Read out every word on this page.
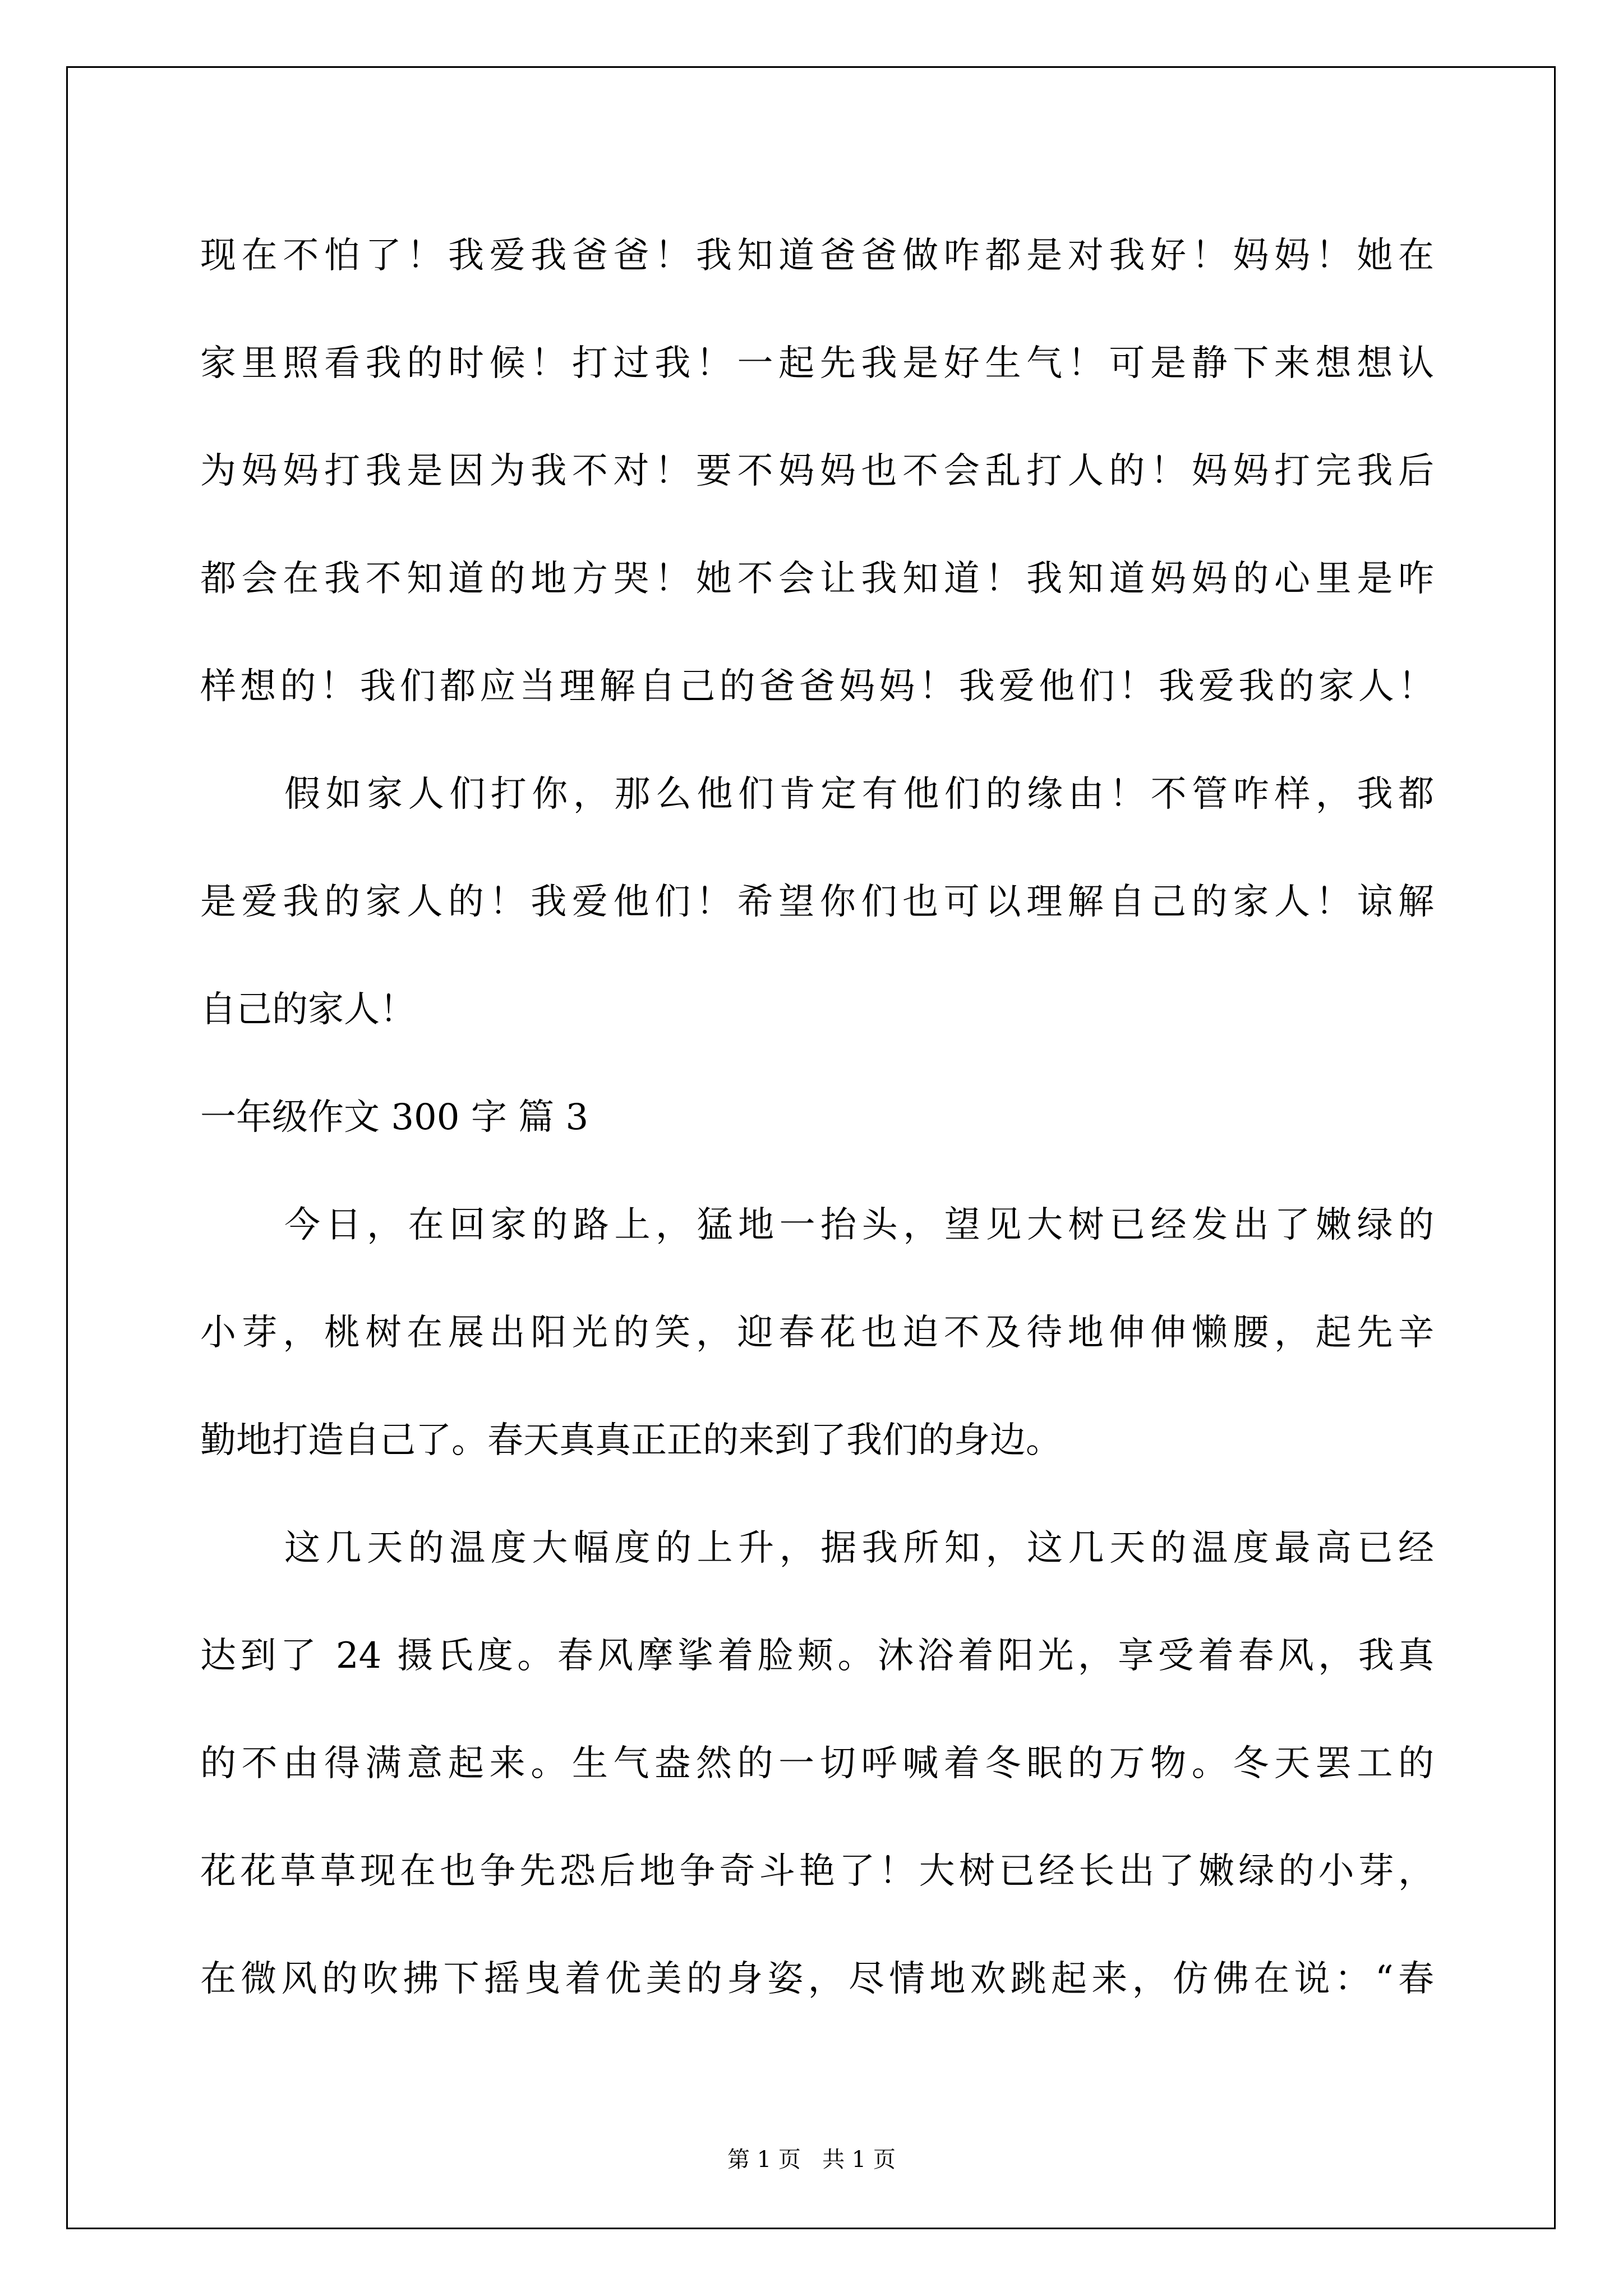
现在不怕了！我爱我爸爸！我知道爸爸做咋都是对我好！妈妈！她在
家里照看我的时候！打过我！一起先我是好生气！可是静下来想想认
为妈妈打我是因为我不对！要不妈妈也不会乱打人的！妈妈打完我后
都会在我不知道的地方哭！她不会让我知道！我知道妈妈的心里是咋
样想的！我们都应当理解自己的爸爸妈妈！我爱他们！我爱我的家人！
假如家人们打你，那么他们肯定有他们的缘由！不管咋样，我都
是爱我的家人的！我爱他们！希望你们也可以理解自己的家人！谅解
自己的家人！
一年级作文 300 字 篇 3
今日，在回家的路上，猛地一抬头，望见大树已经发出了嫩绿的
小芽，桃树在展出阳光的笑，迎春花也迫不及待地伸伸懒腰，起先辛
勤地打造自己了。春天真真正正的来到了我们的身边。
这几天的温度大幅度的上升，据我所知，这几天的温度最高已经
达到了 24 摄氏度。春风摩挲着脸颊。沐浴着阳光，享受着春风，我真
的不由得满意起来。生气盎然的一切呼喊着冬眠的万物。冬天罢工的
花花草草现在也争先恐后地争奇斗艳了！大树已经长出了嫩绿的小芽，
在微风的吹拂下摇曳着优美的身姿，尽情地欢跳起来，仿佛在说：“春
第 1 页   共 1 页
